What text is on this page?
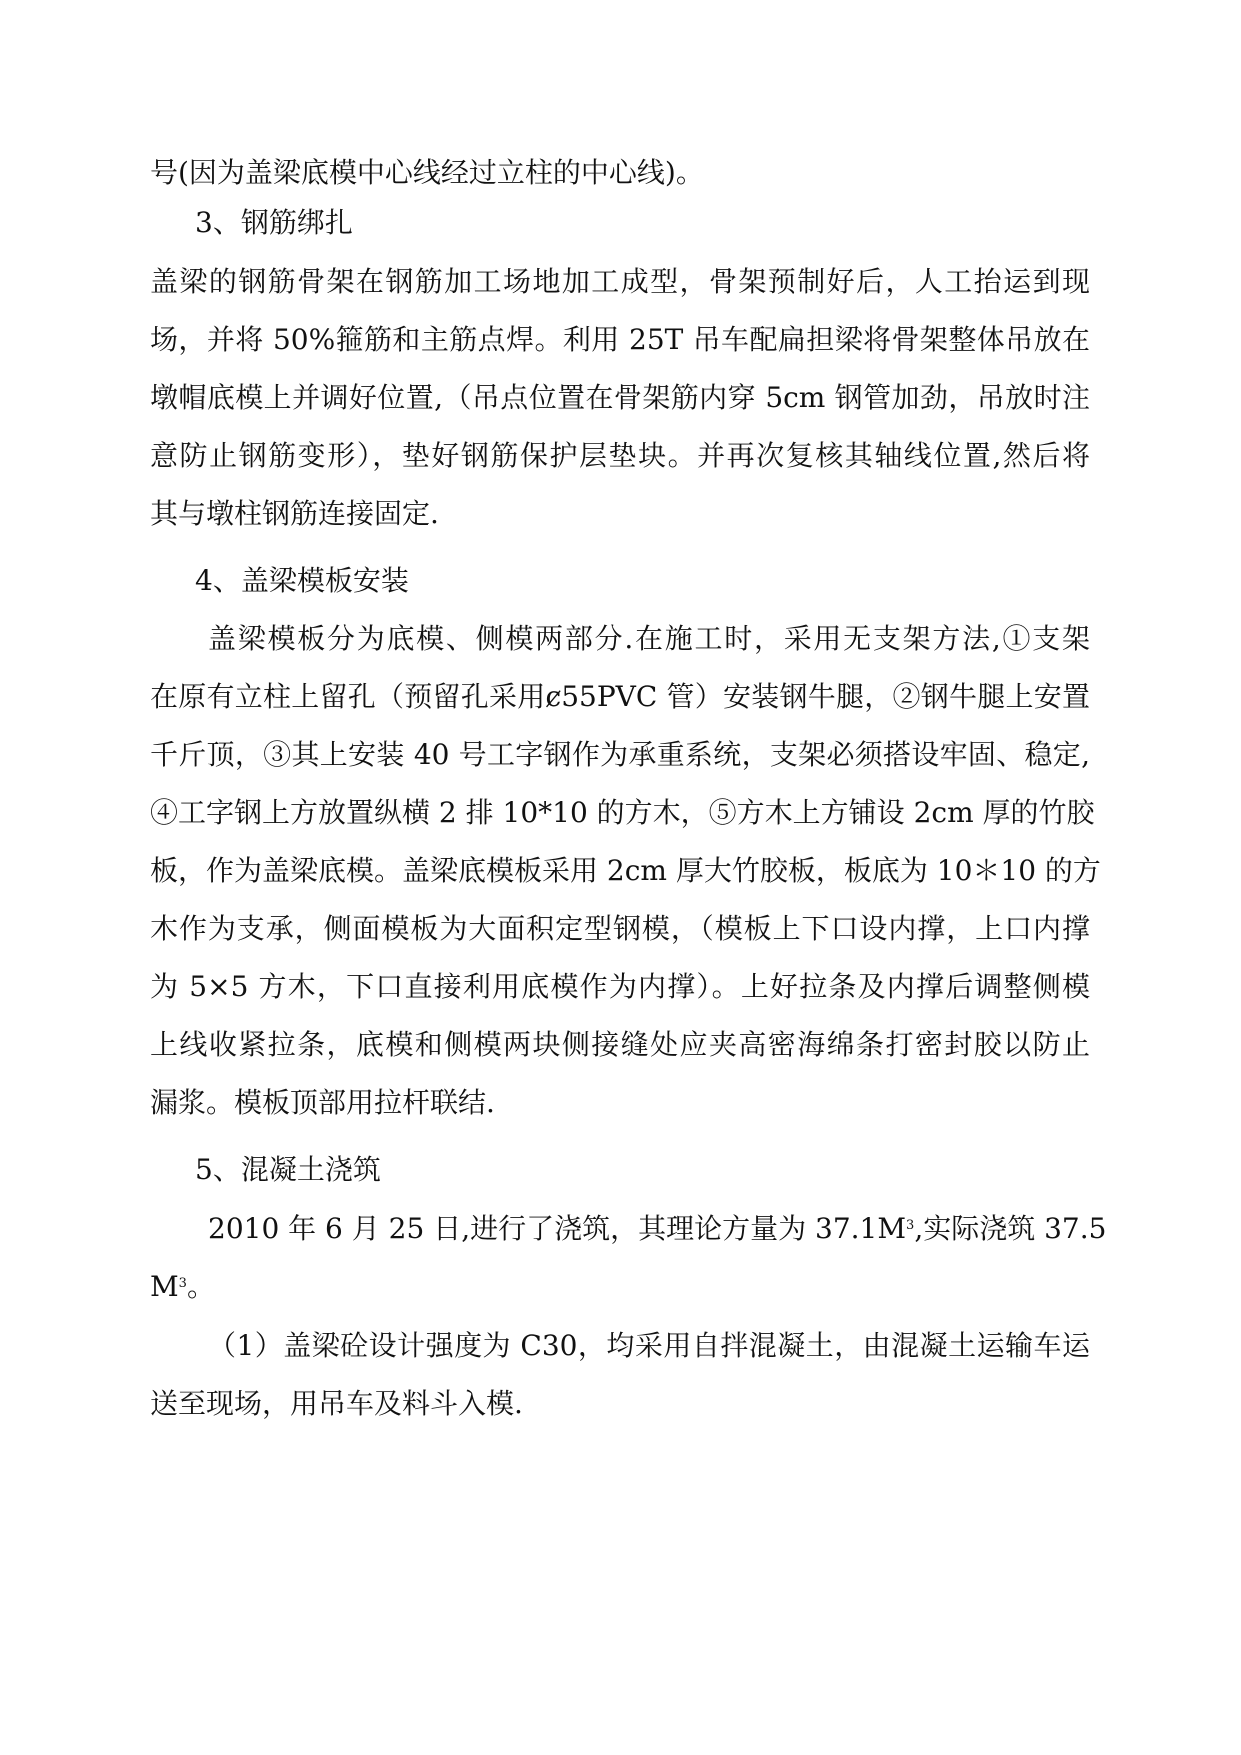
号(因为盖梁底模中心线经过立柱的中心线)。

3、钢筋绑扎

盖梁的钢筋骨架在钢筋加工场地加工成型，骨架预制好后，人工抬运到现

场，并将 50%箍筋和主筋点焊。利用 25T 吊车配扁担梁将骨架整体吊放在

墩帽底模上并调好位置,（吊点位置在骨架筋内穿 5cm 钢管加劲，吊放时注

意防止钢筋变形），垫好钢筋保护层垫块。并再次复核其轴线位置,然后将

其与墩柱钢筋连接固定.

4、盖梁模板安装

盖梁模板分为底模、侧模两部分.在施工时，采用无支架方法,①支架

在原有立柱上留孔（预留孔采用ȼ55PVC 管）安装钢牛腿，②钢牛腿上安置

千斤顶，③其上安装 40 号工字钢作为承重系统，支架必须搭设牢固、稳定,

④工字钢上方放置纵横 2 排 10*10 的方木，⑤方木上方铺设 2cm 厚的竹胶

板，作为盖梁底模。盖梁底模板采用 2cm 厚大竹胶板，板底为 10＊10 的方

木作为支承，侧面模板为大面积定型钢模，（模板上下口设内撑，上口内撑

为 5×5 方木，下口直接利用底模作为内撑）。上好拉条及内撑后调整侧模

上线收紧拉条，底模和侧模两块侧接缝处应夹高密海绵条打密封胶以防止

漏浆。模板顶部用拉杆联结.

5、混凝土浇筑

2010 年 6 月 25 日,进行了浇筑，其理论方量为 $37.1M^3$,实际浇筑 37.5

$M^3$。

（1）盖梁砼设计强度为 C30，均采用自拌混凝土，由混凝土运输车运

送至现场，用吊车及料斗入模.
